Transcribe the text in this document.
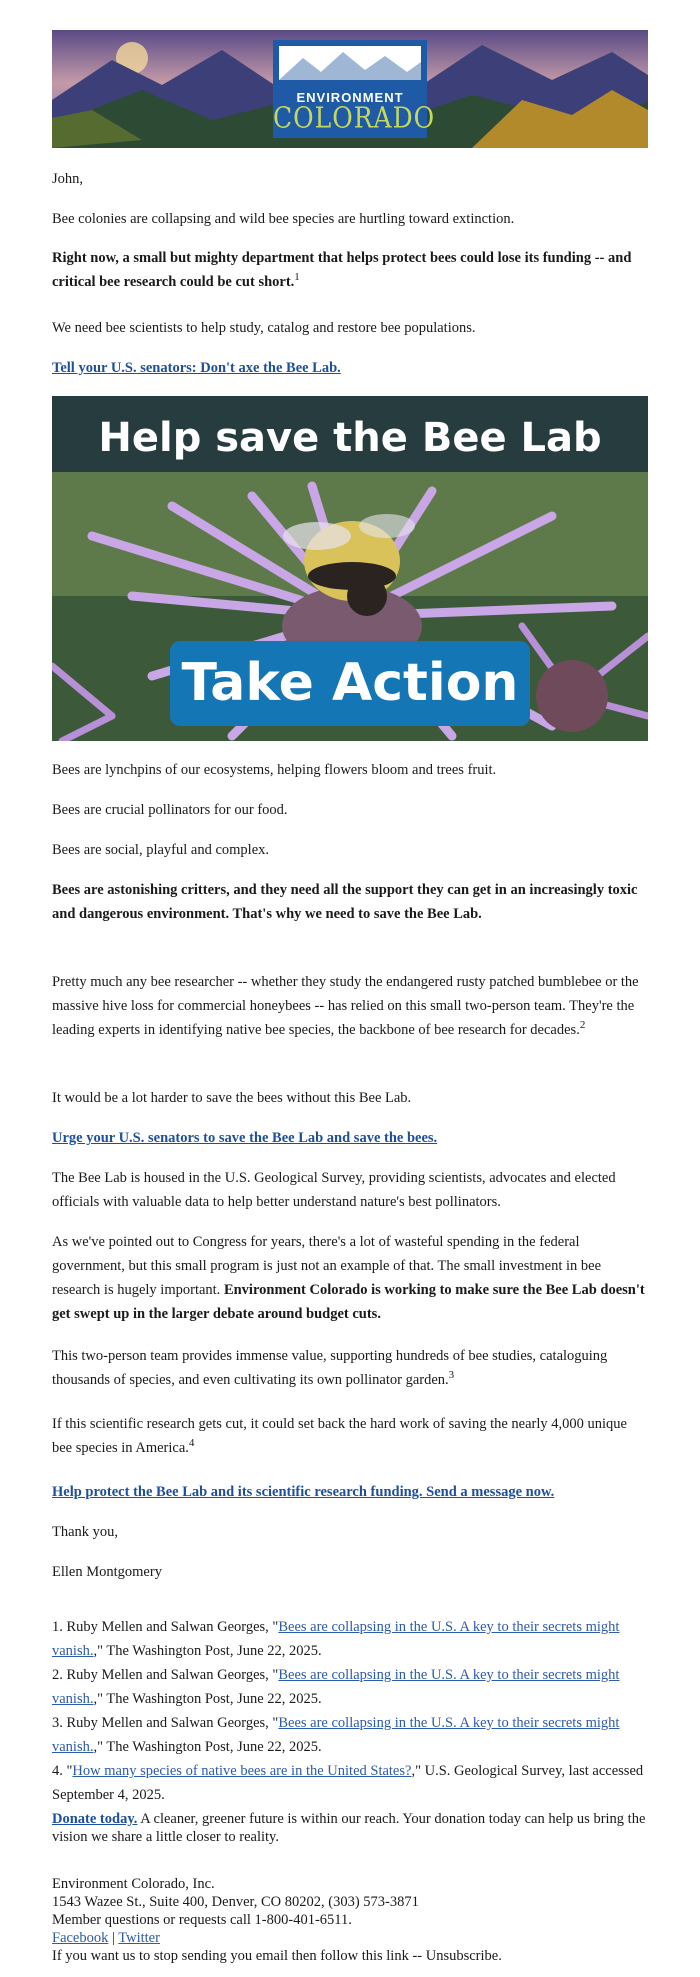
ENVIRONMENT
COLORADO

John,

Bee colonies are collapsing and wild bee species are hurtling toward extinction.

Right now, a small but mighty department that helps protect bees could lose its funding -- and critical bee research could be cut short.$^1$

We need bee scientists to help study, catalog and restore bee populations.

Tell your U.S. senators: Don't axe the Bee Lab.

Help save the Bee Lab
Take Action

Bees are lynchpins of our ecosystems, helping flowers bloom and trees fruit.

Bees are crucial pollinators for our food.

Bees are social, playful and complex.

Bees are astonishing critters, and they need all the support they can get in an increasingly toxic and dangerous environment. That's why we need to save the Bee Lab.

Pretty much any bee researcher -- whether they study the endangered rusty patched bumblebee or the massive hive loss for commercial honeybees -- has relied on this small two-person team. They're the leading experts in identifying native bee species, the backbone of bee research for decades.$^2$

It would be a lot harder to save the bees without this Bee Lab.

Urge your U.S. senators to save the Bee Lab and save the bees.

The Bee Lab is housed in the U.S. Geological Survey, providing scientists, advocates and elected officials with valuable data to help better understand nature's best pollinators.

As we've pointed out to Congress for years, there's a lot of wasteful spending in the federal government, but this small program is just not an example of that. The small investment in bee research is hugely important. Environment Colorado is working to make sure the Bee Lab doesn't get swept up in the larger debate around budget cuts.

This two-person team provides immense value, supporting hundreds of bee studies, cataloguing thousands of species, and even cultivating its own pollinator garden.$^3$

If this scientific research gets cut, it could set back the hard work of saving the nearly 4,000 unique bee species in America.$^4$

Help protect the Bee Lab and its scientific research funding. Send a message now.

Thank you,

Ellen Montgomery

1. Ruby Mellen and Salwan Georges, "Bees are collapsing in the U.S. A key to their secrets might vanish.," The Washington Post, June 22, 2025.

2. Ruby Mellen and Salwan Georges, "Bees are collapsing in the U.S. A key to their secrets might vanish.," The Washington Post, June 22, 2025.

3. Ruby Mellen and Salwan Georges, "Bees are collapsing in the U.S. A key to their secrets might vanish.," The Washington Post, June 22, 2025.

4. "How many species of native bees are in the United States?," U.S. Geological Survey, last accessed September 4, 2025.

Donate today. A cleaner, greener future is within our reach. Your donation today can help us bring the vision we share a little closer to reality.

Environment Colorado, Inc.

1543 Wazee St., Suite 400, Denver, CO 80202, (303) 573-3871

Member questions or requests call 1-800-401-6511.

Facebook | Twitter

If you want us to stop sending you email then follow this link -- Unsubscribe.
